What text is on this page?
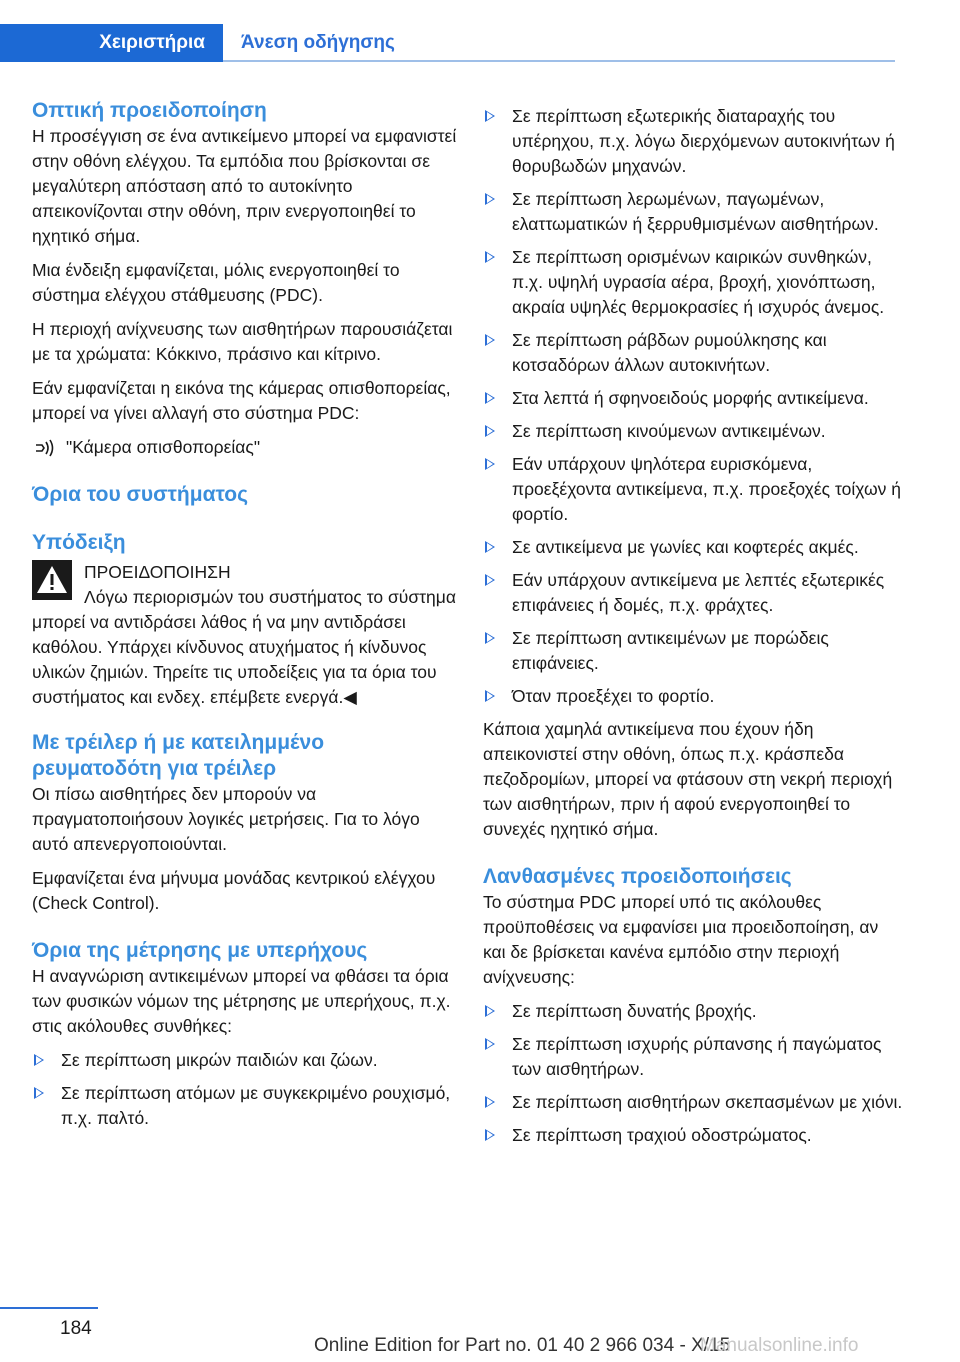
Χειριστήρια Άνεση οδήγησης
Οπτική προειδοποίηση

Η προσέγγιση σε ένα αντικείμενο μπορεί να εμφανιστεί στην οθόνη ελέγχου. Τα εμπόδια που βρίσκονται σε μεγαλύτερη απόσταση από το αυτοκίνητο απεικονίζονται στην οθόνη, πριν ενεργοποιηθεί το ηχητικό σήμα.

Μια ένδειξη εμφανίζεται, μόλις ενεργοποιηθεί το σύστημα ελέγχου στάθμευσης (PDC).

Η περιοχή ανίχνευσης των αισθητήρων παρουσιάζεται με τα χρώματα: Κόκκινο, πράσινο και κίτρινο.

Εάν εμφανίζεται η εικόνα της κάμερας οπισθοπορείας, μπορεί να γίνει αλλαγή στο σύστημα PDC:

"Κάμερα οπισθοπορείας"
Όρια του συστήματος
Υπόδειξη
ΠΡΟΕΙΔΟΠΟΙΗΣΗ

Λόγω περιορισμών του συστήματος το σύστημα μπορεί να αντιδράσει λάθος ή να μην αντιδράσει καθόλου. Υπάρχει κίνδυνος ατυχήματος ή κίνδυνος υλικών ζημιών. Τηρείτε τις υποδείξεις για τα όρια του συστήματος και ενδεχ. επέμβετε ενεργά.◀

Με τρέιλερ ή με κατειλημμένο ρευματοδότη για τρέιλερ

Οι πίσω αισθητήρες δεν μπορούν να πραγματοποιήσουν λογικές μετρήσεις. Για το λόγο αυτό απενεργοποιούνται.

Εμφανίζεται ένα μήνυμα μονάδας κεντρικού ελέγχου (Check Control).

Όρια της μέτρησης με υπερήχους

Η αναγνώριση αντικειμένων μπορεί να φθάσει τα όρια των φυσικών νόμων της μέτρησης με υπερήχους, π.χ. στις ακόλουθες συνθήκες:

Σε περίπτωση μικρών παιδιών και ζώων.
Σε περίπτωση ατόμων με συγκεκριμένο ρουχισμό, π.χ. παλτό.
Σε περίπτωση εξωτερικής διαταραχής του υπέρηχου, π.χ. λόγω διερχόμενων αυτοκινήτων ή θορυβωδών μηχανών.
Σε περίπτωση λερωμένων, παγωμένων, ελαττωματικών ή ξερρυθμισμένων αισθητήρων.
Σε περίπτωση ορισμένων καιρικών συνθηκών, π.χ. υψηλή υγρασία αέρα, βροχή, χιονόπτωση, ακραία υψηλές θερμοκρασίες ή ισχυρός άνεμος.
Σε περίπτωση ράβδων ρυμούλκησης και κοτσαδόρων άλλων αυτοκινήτων.
Στα λεπτά ή σφηνοειδούς μορφής αντικείμενα.
Σε περίπτωση κινούμενων αντικειμένων.
Εάν υπάρχουν ψηλότερα ευρισκόμενα, προεξέχοντα αντικείμενα, π.χ. προεξοχές τοίχων ή φορτίο.
Σε αντικείμενα με γωνίες και κοφτερές ακμές.
Εάν υπάρχουν αντικείμενα με λεπτές εξωτερικές επιφάνειες ή δομές, π.χ. φράχτες.
Σε περίπτωση αντικειμένων με πορώδεις επιφάνειες.
Όταν προεξέχει το φορτίο.

Κάποια χαμηλά αντικείμενα που έχουν ήδη απεικονιστεί στην οθόνη, όπως π.χ. κράσπεδα πεζοδρομίων, μπορεί να φτάσουν στη νεκρή περιοχή των αισθητήρων, πριν ή αφού ενεργοποιηθεί το συνεχές ηχητικό σήμα.

Λανθασμένες προειδοποιήσεις

Το σύστημα PDC μπορεί υπό τις ακόλουθες προϋποθέσεις να εμφανίσει μια προειδοποίηση, αν και δε βρίσκεται κανένα εμπόδιο στην περιοχή ανίχνευσης:

Σε περίπτωση δυνατής βροχής.
Σε περίπτωση ισχυρής ρύπανσης ή παγώματος των αισθητήρων.
Σε περίπτωση αισθητήρων σκεπασμένων με χιόνι.
Σε περίπτωση τραχιού οδοστρώματος.
184
Online Edition for Part no. 01 40 2 966 034 - X/15
Manualsonline.info
